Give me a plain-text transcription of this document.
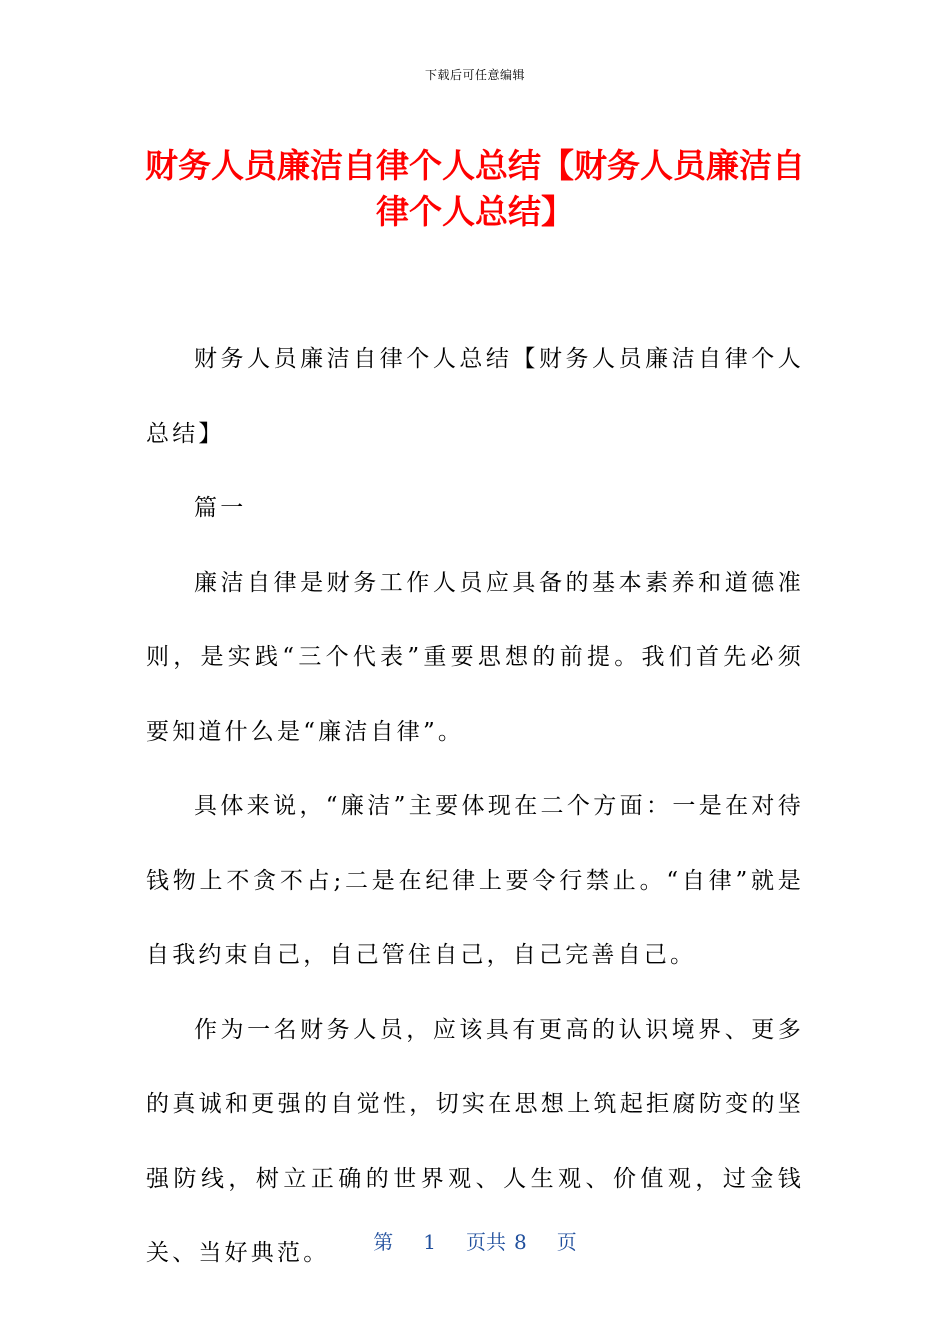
下载后可任意编辑
财务人员廉洁自律个人总结【财务人员廉洁自律个人总结】

财务人员廉洁自律个人总结【财务人员廉洁自律个人总结】

篇一

廉洁自律是财务工作人员应具备的基本素养和道德准则，是实践“三个代表”重要思想的前提。我们首先必须要知道什么是“廉洁自律”。

具体来说，“廉洁”主要体现在二个方面：一是在对待钱物上不贪不占;二是在纪律上要令行禁止。“自律”就是自我约束自己，自己管住自己，自己完善自己。

作为一名财务人员，应该具有更高的认识境界、更多的真诚和更强的自觉性，切实在思想上筑起拒腐防变的坚强防线，树立正确的世界观、人生观、价值观，过金钱关、当好典范。	第 1 页共 8 页
